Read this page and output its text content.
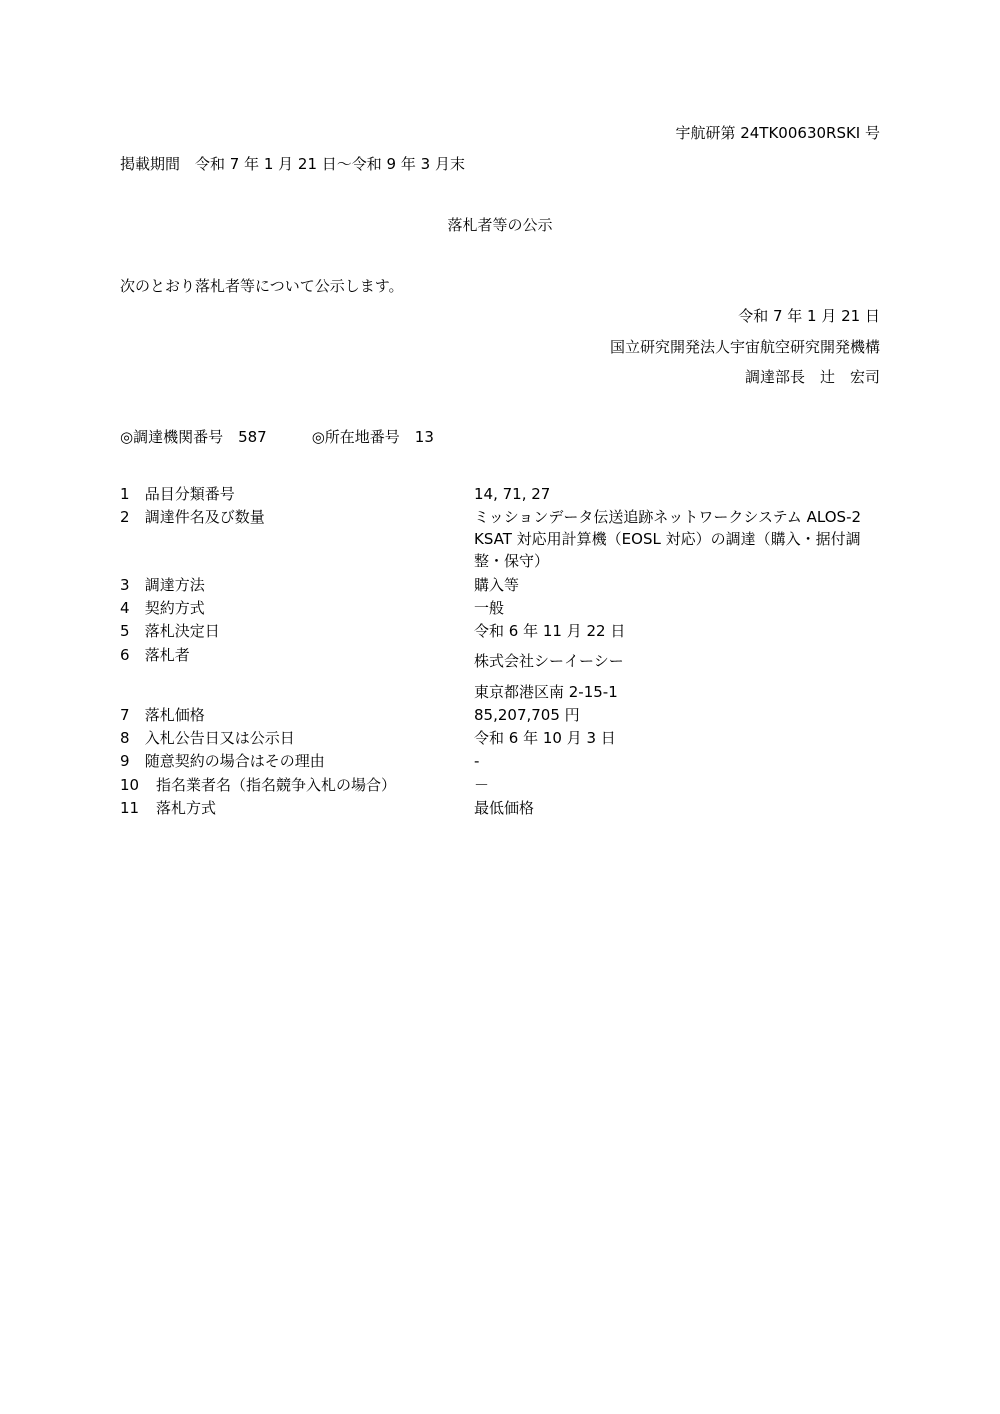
宇航研第 24TK00630RSKI 号
掲載期間　令和 7 年 1 月 21 日～令和 9 年 3 月末
落札者等の公示
次のとおり落札者等について公示します。
令和 7 年 1 月 21 日
国立研究開発法人宇宙航空研究開発機構
調達部長　辻　宏司
◎調達機関番号　587　　　◎所在地番号　13
1 品目分類番号	14, 71, 27
2 調達件名及び数量	ミッションデータ伝送追跡ネットワークシステム ALOS-2 KSAT 対応用計算機（EOSL 対応）の調達（購入・据付調整・保守）
3 調達方法	購入等
4 契約方式	一般
5 落札決定日	令和 6 年 11 月 22 日
6 落札者	株式会社シーイーシー
東京都港区南 2-15-1
7 落札価格	85,207,705 円
8 入札公告日又は公示日	令和 6 年 10 月 3 日
9 随意契約の場合はその理由	-
10 指名業者名（指名競争入札の場合）	－
11 落札方式	最低価格
